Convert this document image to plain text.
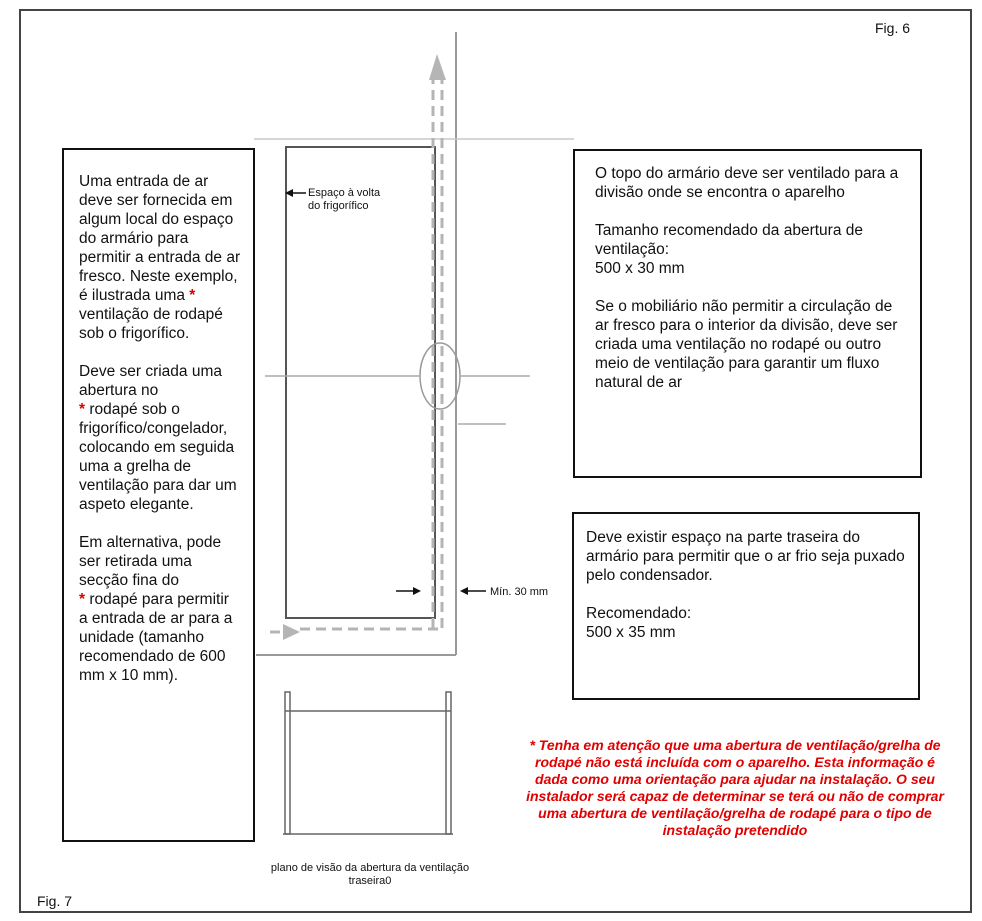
Fig. 6
Fig. 7
Espaço à volta do frigorífico
Mín. 30 mm
plano de visão da abertura da ventilação traseira0

Uma entrada de ar deve ser fornecida em algum local do espaço do armário para permitir a entrada de ar fresco. Neste exemplo, é ilustrada uma * ventilação de rodapé sob o frigorífico.

Deve ser criada uma abertura no
* rodapé sob o frigorífico/congelador, colocando em seguida uma a grelha de ventilação para dar um aspeto elegante.

Em alternativa, pode ser retirada uma secção fina do
* rodapé para permitir a entrada de ar para a unidade (tamanho recomendado de 600 mm x 10 mm).

O topo do armário deve ser ventilado para a divisão onde se encontra o aparelho

Tamanho recomendado da abertura de ventilação:
500 x 30 mm

Se o mobiliário não permitir a circulação de ar fresco para o interior da divisão, deve ser criada uma ventilação no rodapé ou outro meio de ventilação para garantir um fluxo natural de ar

Deve existir espaço na parte traseira do armário para permitir que o ar frio seja puxado pelo condensador.

Recomendado:
500 x 35 mm

* Tenha em atenção que uma abertura de ventilação/grelha de rodapé não está incluída com o aparelho. Esta informação é dada como uma orientação para ajudar na instalação. O seu instalador será capaz de determinar se terá ou não de comprar uma abertura de ventilação/grelha de rodapé para o tipo de instalação pretendido
